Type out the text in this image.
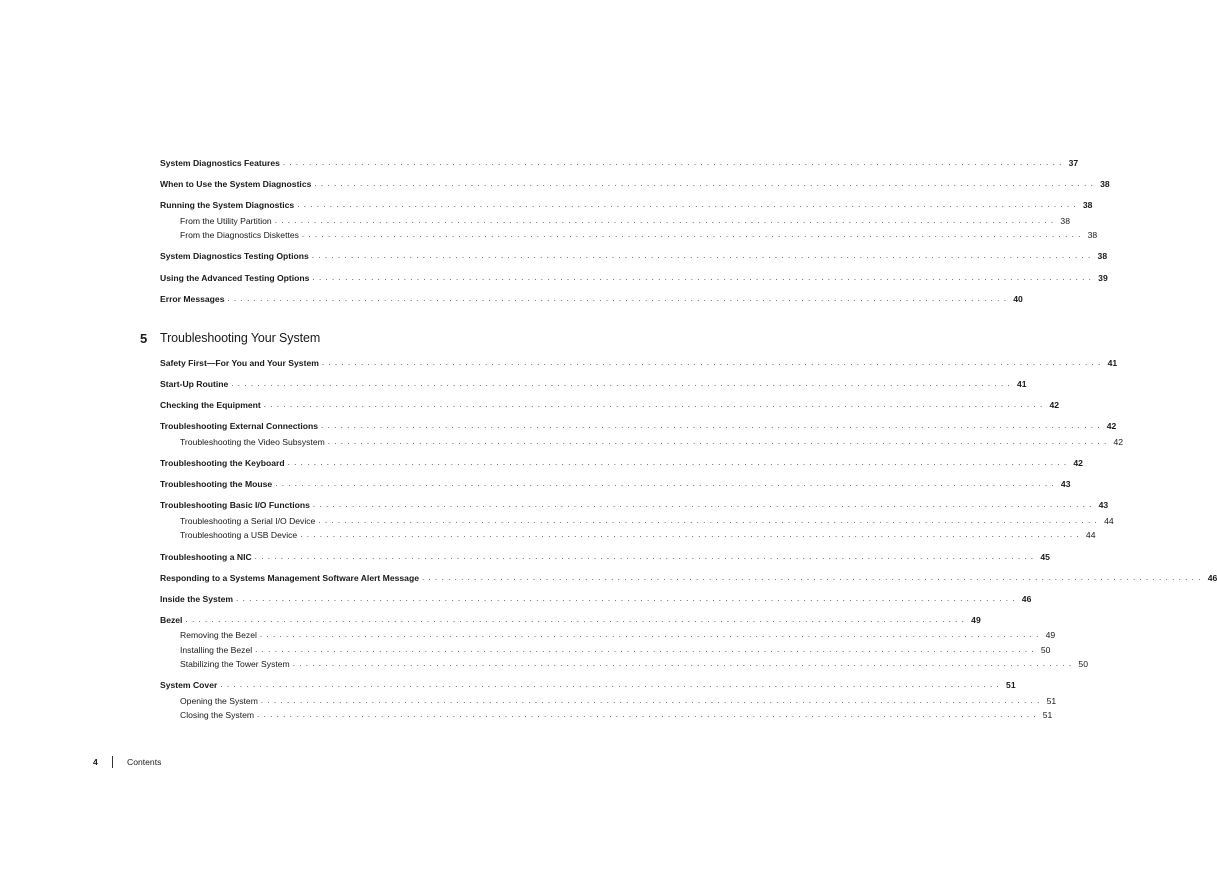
System Diagnostics Features ........................................................................................................................ 37
When to Use the System Diagnostics ........................................................................................................................ 38
Running the System Diagnostics ........................................................................................................................ 38
From the Utility Partition ........................................................................................................................ 38
From the Diagnostics Diskettes ........................................................................................................................ 38
System Diagnostics Testing Options ........................................................................................................................ 38
Using the Advanced Testing Options ........................................................................................................................ 39
Error Messages ........................................................................................................................ 40
5 Troubleshooting Your System
Safety First—For You and Your System ........................................................................................................................ 41
Start-Up Routine ........................................................................................................................ 41
Checking the Equipment ........................................................................................................................ 42
Troubleshooting External Connections ........................................................................................................................ 42
Troubleshooting the Video Subsystem ........................................................................................................................ 42
Troubleshooting the Keyboard ........................................................................................................................ 42
Troubleshooting the Mouse ........................................................................................................................ 43
Troubleshooting Basic I/O Functions ........................................................................................................................ 43
Troubleshooting a Serial I/O Device ........................................................................................................................ 44
Troubleshooting a USB Device ........................................................................................................................ 44
Troubleshooting a NIC ........................................................................................................................ 45
Responding to a Systems Management Software Alert Message ........................................................................................................................ 46
Inside the System ........................................................................................................................ 46
Bezel ........................................................................................................................ 49
Removing the Bezel ........................................................................................................................ 49
Installing the Bezel ........................................................................................................................ 50
Stabilizing the Tower System ........................................................................................................................ 50
System Cover ........................................................................................................................ 51
Opening the System ........................................................................................................................ 51
Closing the System ........................................................................................................................ 51
4	Contents
